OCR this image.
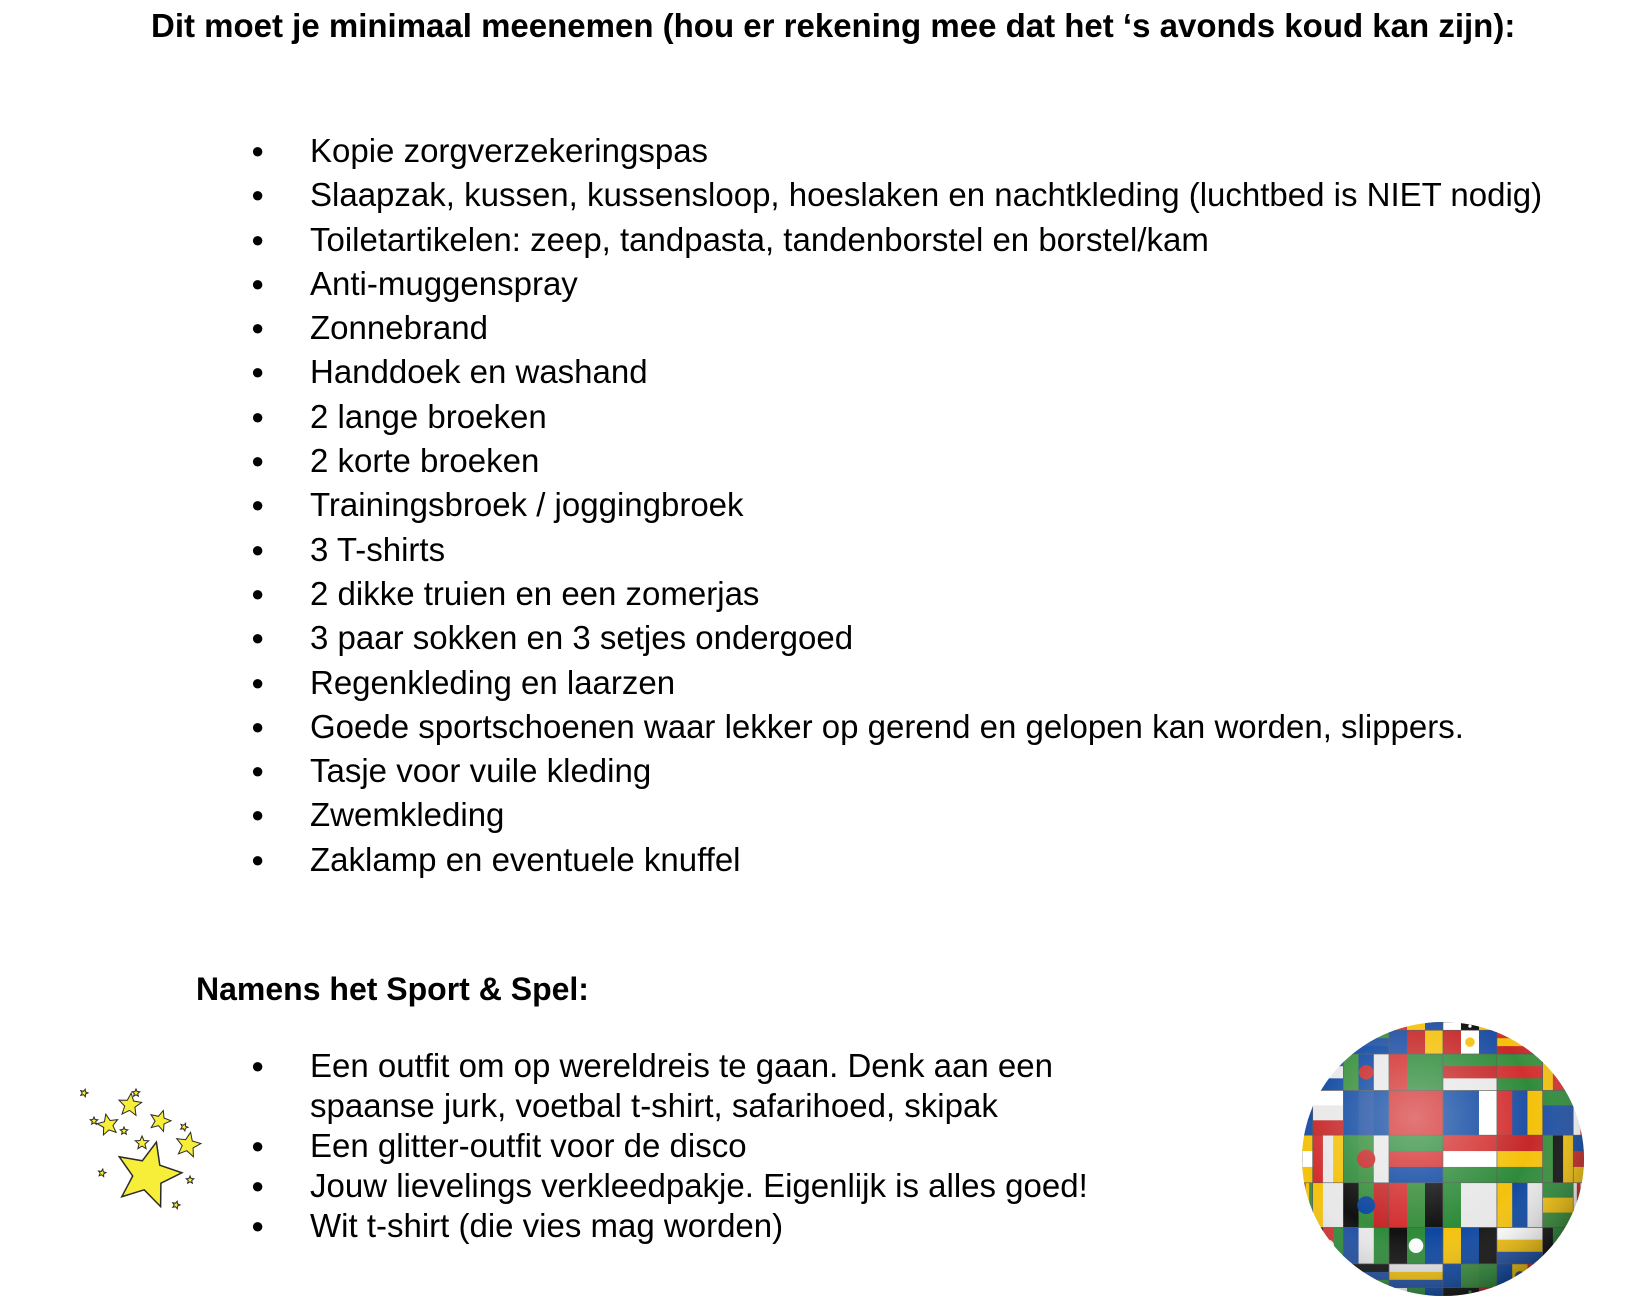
Dit moet je minimaal meenemen (hou er rekening mee dat het ‘s avonds koud kan zijn):
● Kopie zorgverzekeringspas
● Slaapzak, kussen, kussensloop, hoeslaken en nachtkleding (luchtbed is NIET nodig)
● Toiletartikelen: zeep, tandpasta, tandenborstel en borstel/kam
● Anti-muggenspray
● Zonnebrand
● Handdoek en washand
● 2 lange broeken
● 2 korte broeken
● Trainingsbroek / joggingbroek
● 3 T-shirts
● 2 dikke truien en een zomerjas
● 3 paar sokken en 3 setjes ondergoed
● Regenkleding en laarzen
● Goede sportschoenen waar lekker op gerend en gelopen kan worden, slippers.
● Tasje voor vuile kleding
● Zwemkleding
● Zaklamp en eventuele knuffel
Namens het Sport & Spel:
● Een outfit om op wereldreis te gaan. Denk aan een spaanse jurk, voetbal t-shirt, safarihoed, skipak
● Een glitter-outfit voor de disco
● Jouw lievelings verkleedpakje. Eigenlijk is alles goed!
● Wit t-shirt (die vies mag worden)
